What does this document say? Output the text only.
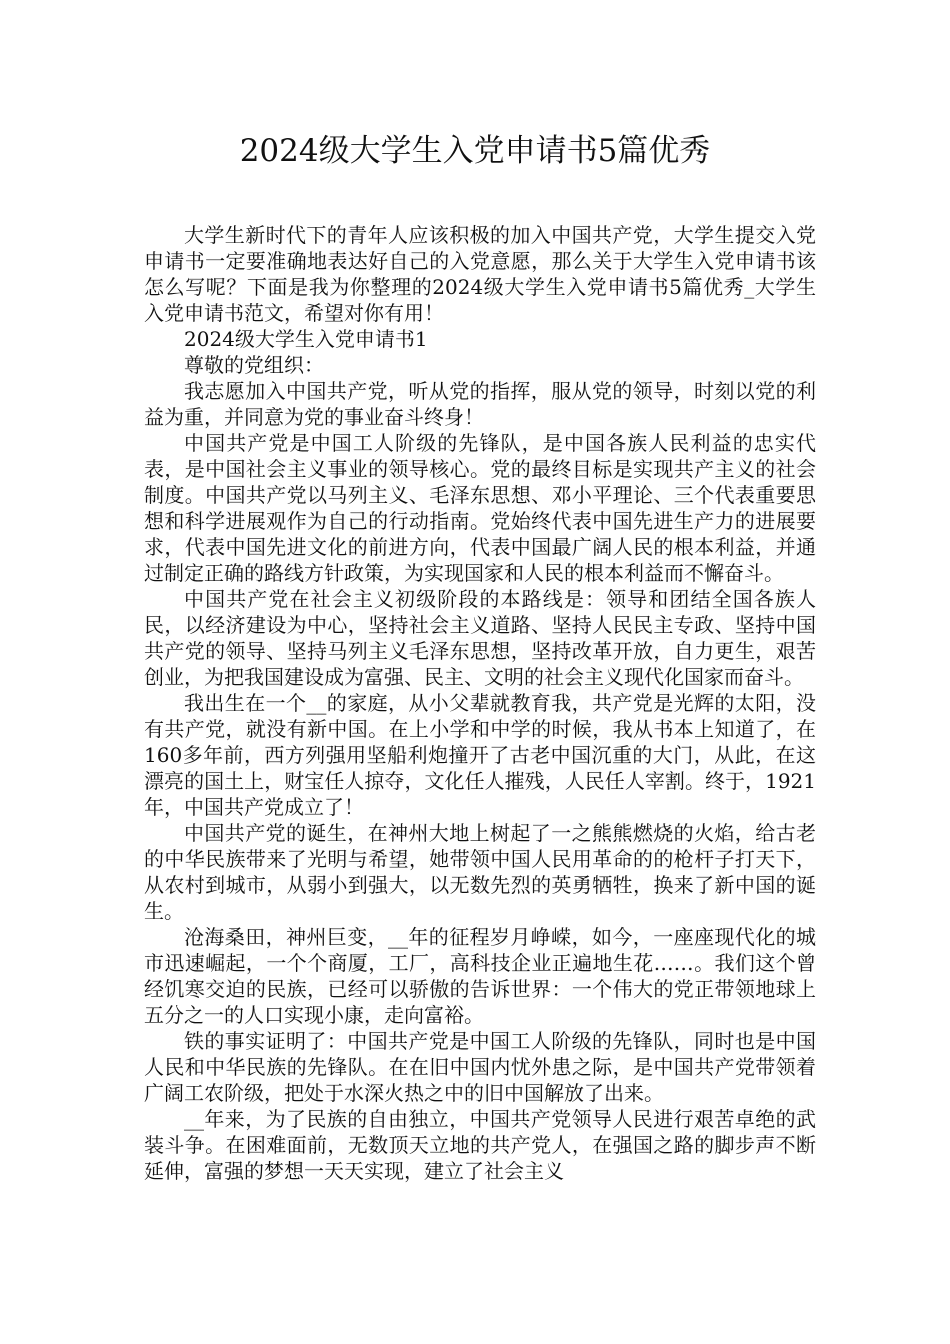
2024级大学生入党申请书5篇优秀

大学生新时代下的青年人应该积极的加入中国共产党，大学生提交入党申请书一定要准确地表达好自己的入党意愿，那么关于大学生入党申请书该怎么写呢？下面是我为你整理的2024级大学生入党申请书5篇优秀_大学生入党申请书范文，希望对你有用！

2024级大学生入党申请书1

尊敬的党组织：

我志愿加入中国共产党，听从党的指挥，服从党的领导，时刻以党的利益为重，并同意为党的事业奋斗终身！

中国共产党是中国工人阶级的先锋队，是中国各族人民利益的忠实代表，是中国社会主义事业的领导核心。党的最终目标是实现共产主义的社会制度。中国共产党以马列主义、毛泽东思想、邓小平理论、三个代表重要思想和科学进展观作为自己的行动指南。党始终代表中国先进生产力的进展要求，代表中国先进文化的前进方向，代表中国最广阔人民的根本利益，并通过制定正确的路线方针政策，为实现国家和人民的根本利益而不懈奋斗。

中国共产党在社会主义初级阶段的本路线是：领导和团结全国各族人民，以经济建设为中心，坚持社会主义道路、坚持人民民主专政、坚持中国共产党的领导、坚持马列主义毛泽东思想，坚持改革开放，自力更生，艰苦创业，为把我国建设成为富强、民主、文明的社会主义现代化国家而奋斗。

我出生在一个__的家庭，从小父辈就教育我，共产党是光辉的太阳，没有共产党，就没有新中国。在上小学和中学的时候，我从书本上知道了，在160多年前，西方列强用坚船利炮撞开了古老中国沉重的大门，从此，在这漂亮的国土上，财宝任人掠夺，文化任人摧残，人民任人宰割。终于，1921年，中国共产党成立了！

中国共产党的诞生，在神州大地上树起了一之熊熊燃烧的火焰，给古老的中华民族带来了光明与希望，她带领中国人民用革命的的枪杆子打天下，从农村到城市，从弱小到强大，以无数先烈的英勇牺牲，换来了新中国的诞生。

沧海桑田，神州巨变，__年的征程岁月峥嵘，如今，一座座现代化的城市迅速崛起，一个个商厦，工厂，高科技企业正遍地生花……。我们这个曾经饥寒交迫的民族，已经可以骄傲的告诉世界：一个伟大的党正带领地球上五分之一的人口实现小康，走向富裕。

铁的事实证明了：中国共产党是中国工人阶级的先锋队，同时也是中国人民和中华民族的先锋队。在在旧中国内忧外患之际，是中国共产党带领着广阔工农阶级，把处于水深火热之中的旧中国解放了出来。

__年来，为了民族的自由独立，中国共产党领导人民进行艰苦卓绝的武装斗争。在困难面前，无数顶天立地的共产党人，在强国之路的脚步声不断延伸，富强的梦想一天天实现，建立了社会主义
